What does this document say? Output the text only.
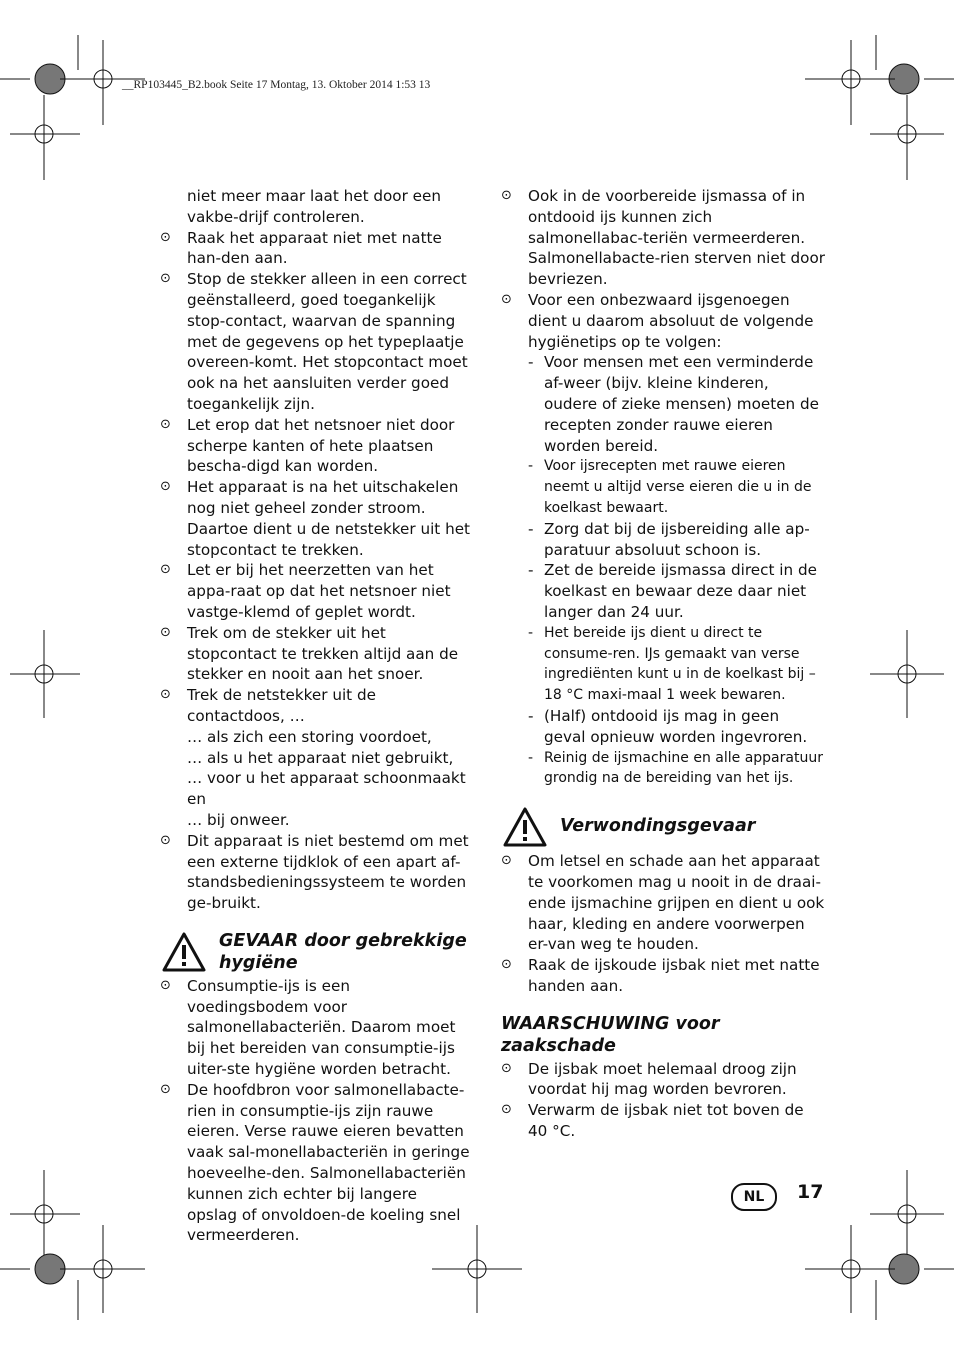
__RP103445_B2.book Seite 17 Montag, 13. Oktober 2014 1:53 13

niet meer maar laat het door een vakbe-drijf controleren.

⊙ Raak het apparaat niet met natte han-den aan.

⊙ Stop de stekker alleen in een correct geënstalleerd, goed toegankelijk stop-contact, waarvan de spanning met de gegevens op het typeplaatje overeen-komt. Het stopcontact moet ook na het aansluiten verder goed toegankelijk zijn.

⊙ Let erop dat het netsnoer niet door scherpe kanten of hete plaatsen bescha-digd kan worden.

⊙ Het apparaat is na het uitschakelen nog niet geheel zonder stroom. Daartoe dient u de netstekker uit het stopcontact te trekken.

⊙ Let er bij het neerzetten van het appa-raat op dat het netsnoer niet vastge-klemd of geplet wordt.

⊙ Trek om de stekker uit het stopcontact te trekken altijd aan de stekker en nooit aan het snoer.

⊙ Trek de netstekker uit de contactdoos, …

… als zich een storing voordoet,

… als u het apparaat niet gebruikt,

… voor u het apparaat schoonmaakt en

… bij onweer.

⊙ Dit apparaat is niet bestemd om met een externe tijdklok of een apart af-standsbedieningssysteem te worden ge-bruikt.

GEVAAR door gebrekkige hygiëne

⊙ Consumptie-ijs is een voedingsbodem voor salmonellabacteriën. Daarom moet bij het bereiden van consumptie-ijs uiter-ste hygiëne worden betracht.

⊙ De hoofdbron voor salmonellabacte-rien in consumptie-ijs zijn rauwe eieren. Verse rauwe eieren bevatten vaak sal-monellabacteriën in geringe hoeveelhe-den. Salmonellabacteriën kunnen zich echter bij langere opslag of onvoldoen-de koeling snel vermeerderen.

⊙ Ook in de voorbereide ijsmassa of in ontdooid ijs kunnen zich salmonellabac-teriën vermeerderen. Salmonellabacte-rien sterven niet door bevriezen.

⊙ Voor een onbezwaard ijsgenoegen dient u daarom absoluut de volgende hygiënetips op te volgen:

- Voor mensen met een verminderde af-weer (bijv. kleine kinderen, oudere of zieke mensen) moeten de recepten zonder rauwe eieren worden bereid.

- Voor ijsrecepten met rauwe eieren neemt u altijd verse eieren die u in de koelkast bewaart.

- Zorg dat bij de ijsbereiding alle ap-paratuur absoluut schoon is.

- Zet de bereide ijsmassa direct in de koelkast en bewaar deze daar niet langer dan 24 uur.

- Het bereide ijs dient u direct te consume-ren. IJs gemaakt van verse ingrediënten kunt u in de koelkast bij –18 °C maxi-maal 1 week bewaren.

- (Half) ontdooid ijs mag in geen geval opnieuw worden ingevroren.

- Reinig de ijsmachine en alle apparatuur grondig na de bereiding van het ijs.

Verwondingsgevaar

⊙ Om letsel en schade aan het apparaat te voorkomen mag u nooit in de draai-ende ijsmachine grijpen en dient u ook haar, kleding en andere voorwerpen er-van weg te houden.

⊙ Raak de ijskoude ijsbak niet met natte handen aan.

WAARSCHUWING voor zaakschade

⊙ De ijsbak moet helemaal droog zijn voordat hij mag worden bevroren.

⊙ Verwarm de ijsbak niet tot boven de 40 °C.

NL	17
